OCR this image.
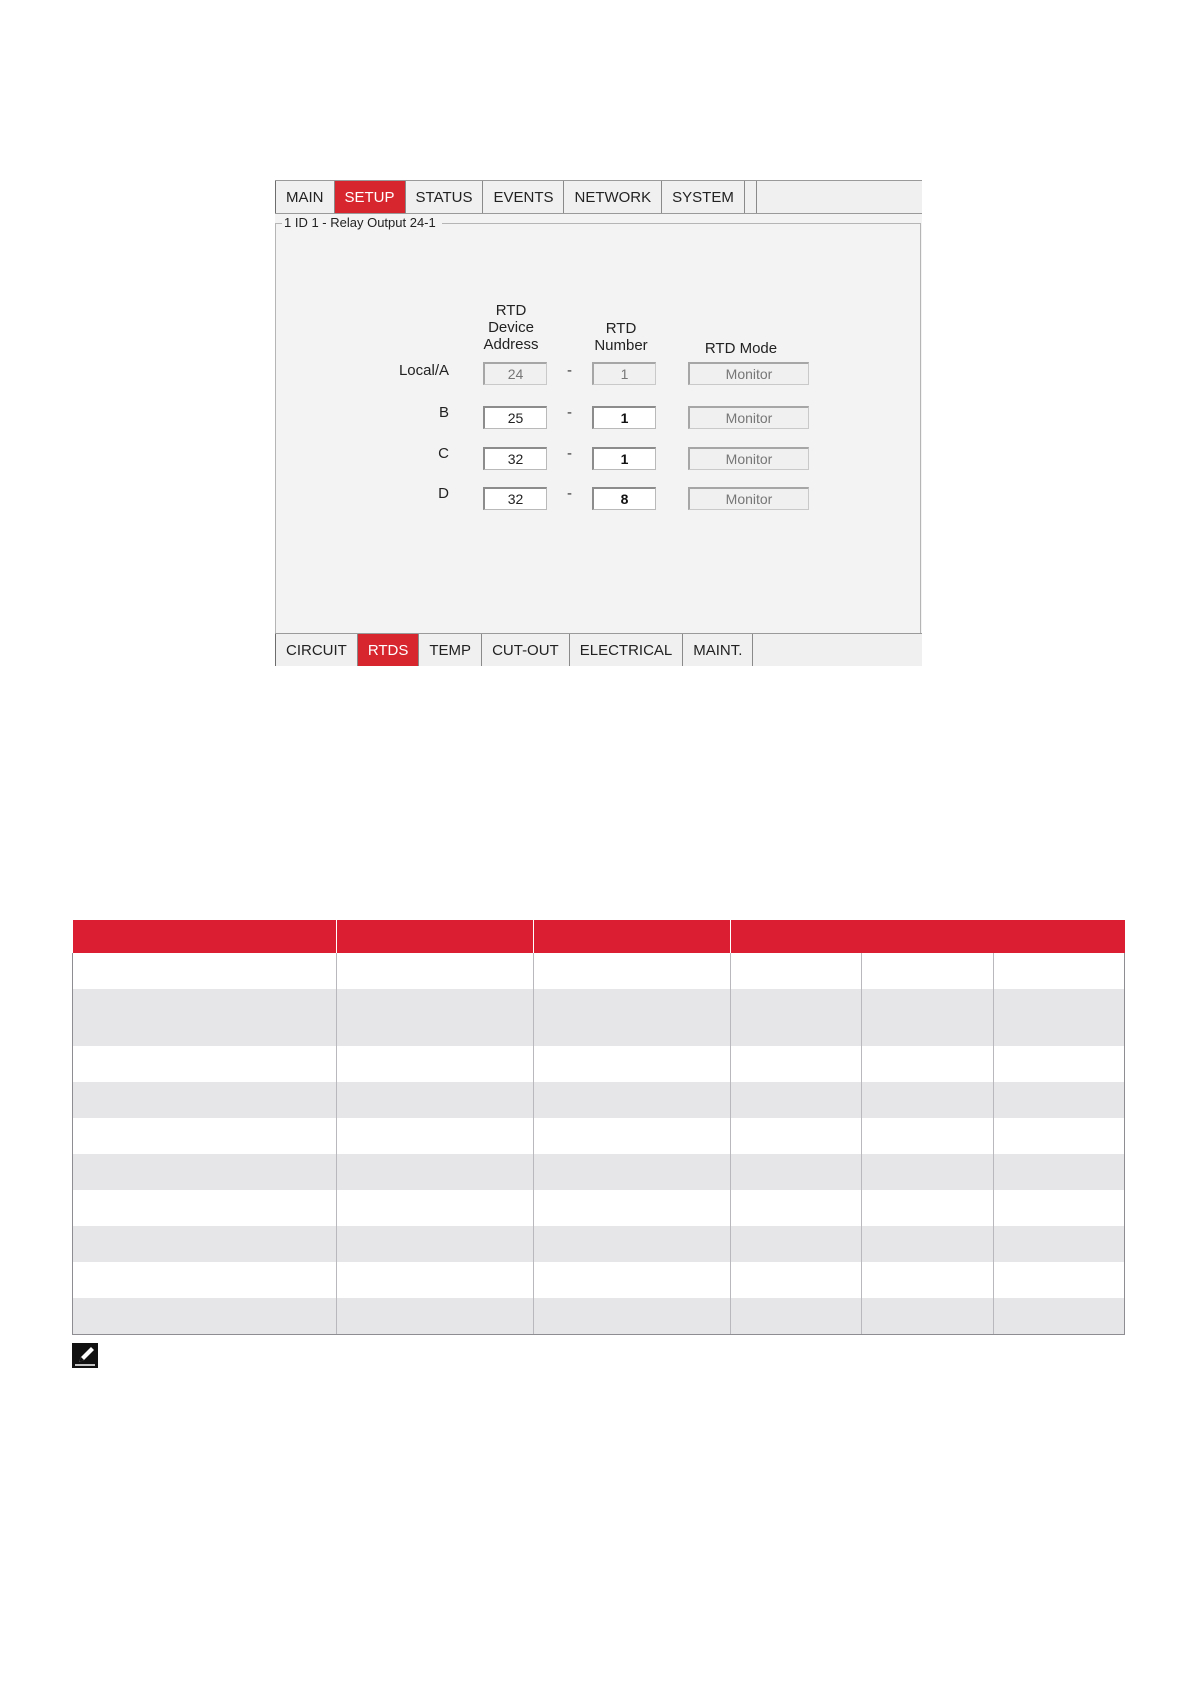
MAIN	SETUP	STATUS	EVENTS	NETWORK	SYSTEM
1 ID 1 - Relay Output 24-1
RTD
Device
Address
RTD
Number	RTD Mode
Local/A	24	-	1	Monitor
B	25	-	1	Monitor
C	32	-	1	Monitor
D	32	-	8	Monitor
CIRCUIT	RTDS	TEMP	CUT-OUT	ELECTRICAL	MAINT.
